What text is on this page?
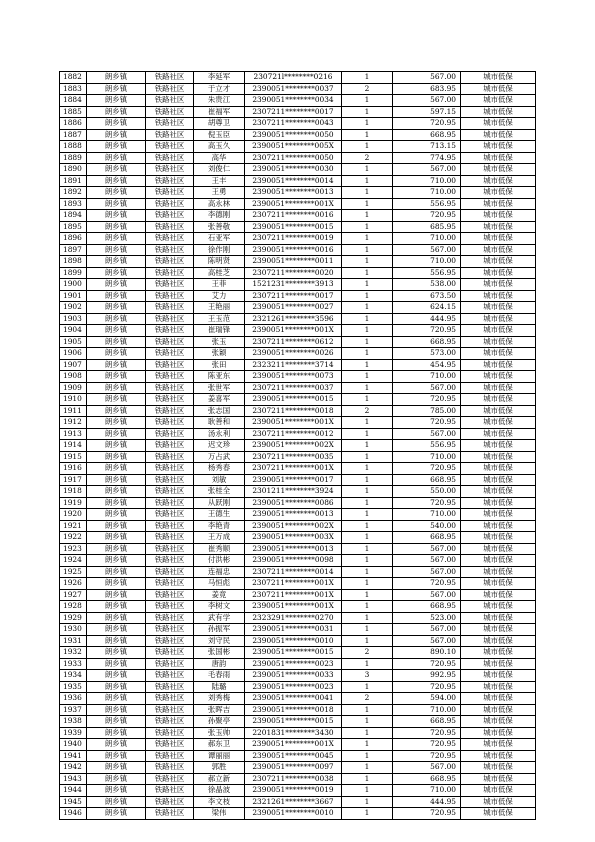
1882	朗乡镇	铁路社区	李延军	230721l********0216	1	567.00	城市低保
1883	朗乡镇	铁路社区	于立才	2390051********0037	2	683.95	城市低保
1884	朗乡镇	铁路社区	朱贵江	2390051********0034	1	567.00	城市低保
1885	朗乡镇	铁路社区	崔福军	2307211********0017	1	597.15	城市低保
1886	朗乡镇	铁路社区	胡尊卫	2307211********0043	1	720.95	城市低保
1887	朗乡镇	铁路社区	倪玉臣	2390051********0050	1	668.95	城市低保
1888	朗乡镇	铁路社区	高玉久	2390051********005X	1	713.15	城市低保
1889	朗乡镇	铁路社区	高华	2307211********0050	2	774.95	城市低保
1890	朗乡镇	铁路社区	刘俊仁	2390051********0030	1	567.00	城市低保
1891	朗乡镇	铁路社区	王丰	2390051********0014	1	710.00	城市低保
1892	朗乡镇	铁路社区	王勇	2390051********0013	1	710.00	城市低保
1893	朗乡镇	铁路社区	高永林	2390051********001X	1	556.95	城市低保
1894	朗乡镇	铁路社区	李德刚	2307211********0016	1	720.95	城市低保
1895	朗乡镇	铁路社区	张善敬	2390051********0015	1	685.95	城市低保
1896	朗乡镇	铁路社区	石亚军	2307211********0019	1	710.00	城市低保
1897	朗乡镇	铁路社区	徐作刚	2390051********0016	1	567.00	城市低保
1898	朗乡镇	铁路社区	陈明贤	2390051********0011	1	710.00	城市低保
1899	朗乡镇	铁路社区	高桂芝	2307211********0020	1	556.95	城市低保
1900	朗乡镇	铁路社区	王菲	1521231********3913	1	538.00	城市低保
1901	朗乡镇	铁路社区	艾力	2307211********0017	1	673.50	城市低保
1902	朗乡镇	铁路社区	王艳丽	2390051********0027	1	624.15	城市低保
1903	朗乡镇	铁路社区	王玉范	2321261********3596	1	444.95	城市低保
1904	朗乡镇	铁路社区	崔瑞锋	2390051********001X	1	720.95	城市低保
1905	朗乡镇	铁路社区	张玉	2307211********0612	1	668.95	城市低保
1906	朗乡镇	铁路社区	张颖	2390051********0026	1	573.00	城市低保
1907	朗乡镇	铁路社区	张田	2323211********3714	1	454.95	城市低保
1908	朗乡镇	铁路社区	陈亚东	2390051********0073	1	710.00	城市低保
1909	朗乡镇	铁路社区	张世军	2307211********0037	1	567.00	城市低保
1910	朗乡镇	铁路社区	姜喜军	2390051********0015	1	720.95	城市低保
1911	朗乡镇	铁路社区	张志国	2307211********0018	2	785.00	城市低保
1912	朗乡镇	铁路社区	耿善和	2390051********001X	1	720.95	城市低保
1913	朗乡镇	铁路社区	汤永利	2307211********0012	1	567.00	城市低保
1914	朗乡镇	铁路社区	迟文珍	2390051********002X	1	556.95	城市低保
1915	朗乡镇	铁路社区	万占武	2307211********0035	1	710.00	城市低保
1916	朗乡镇	铁路社区	杨秀春	2307211********001X	1	720.95	城市低保
1917	朗乡镇	铁路社区	刘敏	2390051********0017	1	668.95	城市低保
1918	朗乡镇	铁路社区	张桂全	2301211********3924	1	550.00	城市低保
1919	朗乡镇	铁路社区	从跃刚	2390051********0086	1	720.95	城市低保
1920	朗乡镇	铁路社区	王德生	2390051********0013	1	710.00	城市低保
1921	朗乡镇	铁路社区	李艳青	2390051********002X	1	540.00	城市低保
1922	朗乡镇	铁路社区	王万成	2390051********003X	1	668.95	城市低保
1923	朗乡镇	铁路社区	崔秀顺	2390051********0013	1	567.00	城市低保
1924	朗乡镇	铁路社区	付洪彬	2390051********0098	1	567.00	城市低保
1925	朗乡镇	铁路社区	连福忠	2307211********0014	1	567.00	城市低保
1926	朗乡镇	铁路社区	马恒彪	2307211********001X	1	720.95	城市低保
1927	朗乡镇	铁路社区	姜竟	2307211********001X	1	567.00	城市低保
1928	朗乡镇	铁路社区	李树文	2390051********001X	1	668.95	城市低保
1929	朗乡镇	铁路社区	武有学	2323291********0270	1	523.00	城市低保
1930	朗乡镇	铁路社区	孙振军	2390051********0031	1	567.00	城市低保
1931	朗乡镇	铁路社区	刘守民	2390051********0010	1	567.00	城市低保
1932	朗乡镇	铁路社区	张国彬	2390051********0015	2	890.10	城市低保
1933	朗乡镇	铁路社区	唐韵	2390051********0023	1	720.95	城市低保
1934	朗乡镇	铁路社区	毛春雨	2390051********0033	3	992.95	城市低保
1935	朗乡镇	铁路社区	陆璐	2390051********0023	1	720.95	城市低保
1936	朗乡镇	铁路社区	刘秀梅	2390051********0041	2	594.00	城市低保
1937	朗乡镇	铁路社区	张晖吉	2390051********0018	1	710.00	城市低保
1938	朗乡镇	铁路社区	孙聚亭	2390051********0015	1	668.95	城市低保
1939	朗乡镇	铁路社区	张玉帅	2201831********3430	1	720.95	城市低保
1940	朗乡镇	铁路社区	郝东卫	2390051********001X	1	720.95	城市低保
1941	朗乡镇	铁路社区	谭丽丽	2390051********0045	1	720.95	城市低保
1942	朗乡镇	铁路社区	郭胜	2390051********0097	1	567.00	城市低保
1943	朗乡镇	铁路社区	郝立新	2307211********0038	1	668.95	城市低保
1944	朗乡镇	铁路社区	徐晶波	2390051********0019	1	710.00	城市低保
1945	朗乡镇	铁路社区	李文枝	2321261********3667	1	444.95	城市低保
1946	朗乡镇	铁路社区	梁伟	2390051********0010	1	720.95	城市低保
